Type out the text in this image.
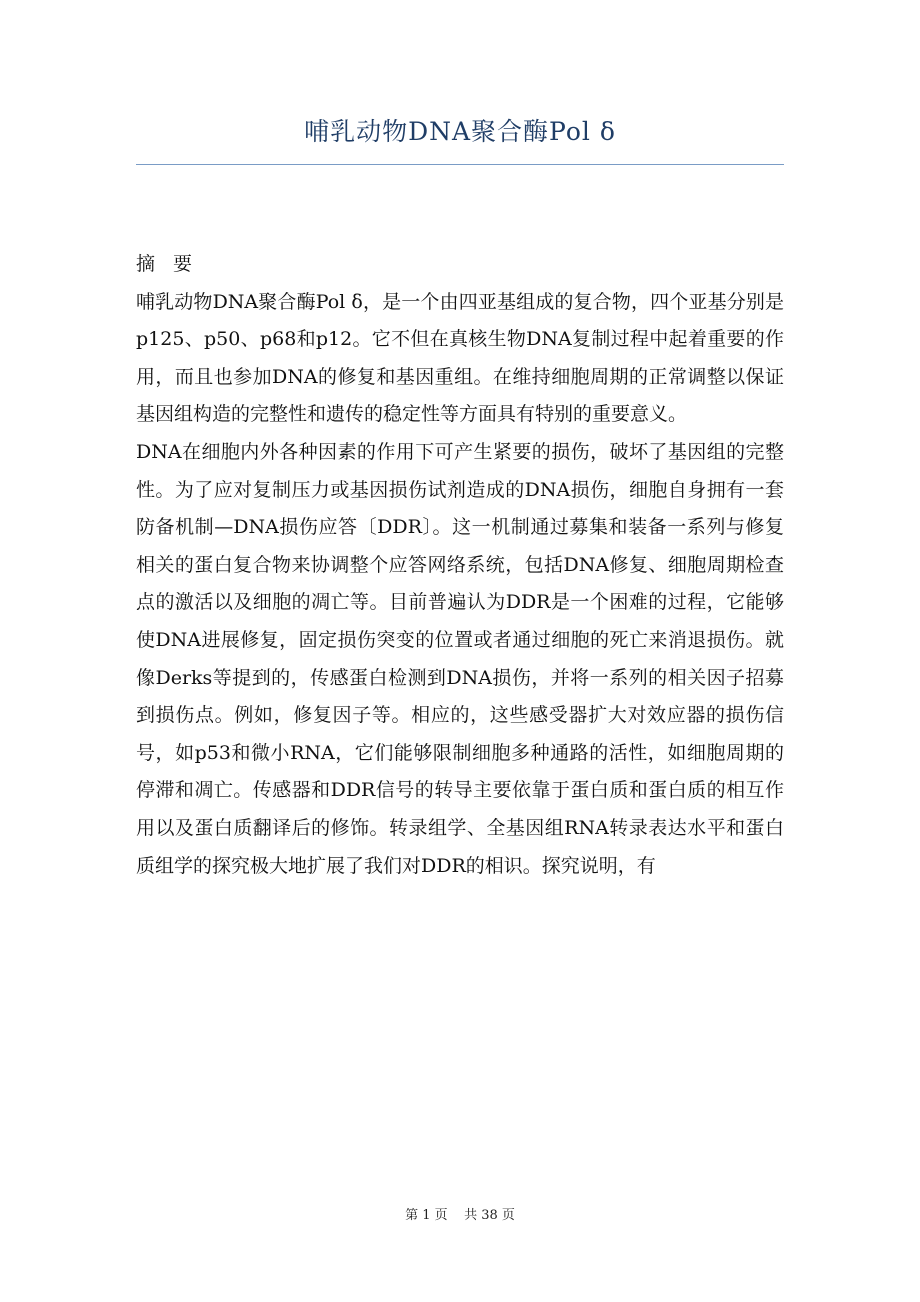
哺乳动物DNA聚合酶Pol δ

摘 要

哺乳动物DNA聚合酶Pol δ，是一个由四亚基组成的复合物，四个亚基分别是p125、p50、p68和p12。它不但在真核生物DNA复制过程中起着重要的作用，而且也参加DNA的修复和基因重组。在维持细胞周期的正常调整以保证基因组构造的完整性和遗传的稳定性等方面具有特别的重要意义。

DNA在细胞内外各种因素的作用下可产生紧要的损伤，破坏了基因组的完整性。为了应对复制压力或基因损伤试剂造成的DNA损伤，细胞自身拥有一套防备机制—DNA损伤应答〔DDR〕。这一机制通过募集和装备一系列与修复相关的蛋白复合物来协调整个应答网络系统，包括DNA修复、细胞周期检查点的激活以及细胞的凋亡等。目前普遍认为DDR是一个困难的过程，它能够使DNA进展修复，固定损伤突变的位置或者通过细胞的死亡来消退损伤。就像Derks等提到的，传感蛋白检测到DNA损伤，并将一系列的相关因子招募到损伤点。例如，修复因子等。相应的，这些感受器扩大对效应器的损伤信号，如p53和微小RNA，它们能够限制细胞多种通路的活性，如细胞周期的停滞和凋亡。传感器和DDR信号的转导主要依靠于蛋白质和蛋白质的相互作用以及蛋白质翻译后的修饰。转录组学、全基因组RNA转录表达水平和蛋白质组学的探究极大地扩展了我们对DDR的相识。探究说明，有

第 1 页    共 38 页
